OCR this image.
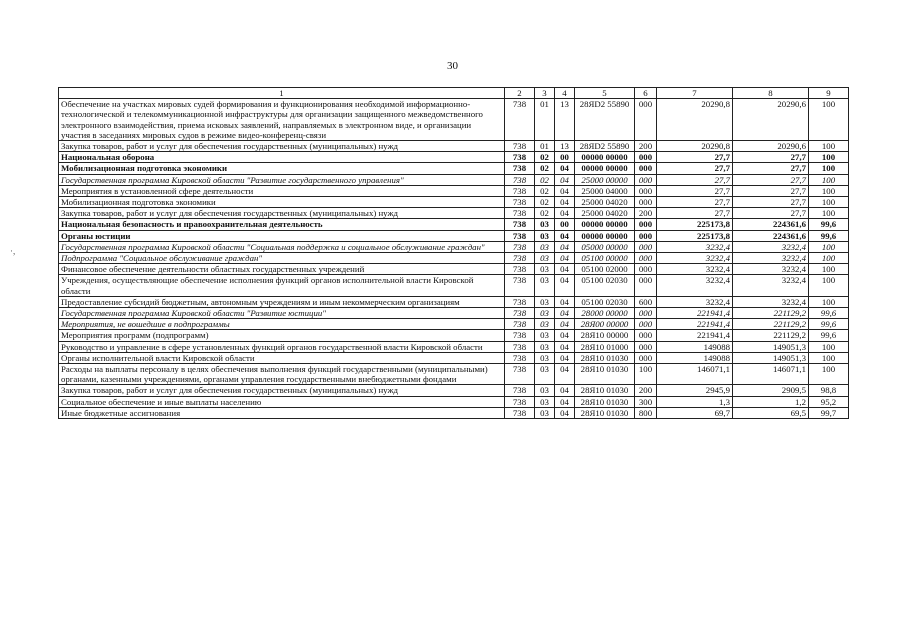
30
·,
1	2	3	4	5	6	7	8	9
Обеспечение на участках мировых судей формирования и функционирования необходимой информационно-технологической и телекоммуникационной инфраструктуры для организации защищенного межведомственного электронного взаимодействия, приема исковых заявлений, направляемых в электронном виде, и организации участия в заседаниях мировых судов в режиме видео-конференц-связи	738	01	13	28ЯD2 55890	000	20290,8	20290,6	100
Закупка товаров, работ и услуг для обеспечения государственных (муниципальных) нужд	738	01	13	28ЯD2 55890	200	20290,8	20290,6	100
Национальная оборона	738	02	00	00000 00000	000	27,7	27,7	100
Мобилизационная подготовка экономики	738	02	04	00000 00000	000	27,7	27,7	100
Государственная программа Кировской области "Развитие государственного управления"	738	02	04	25000 00000	000	27,7	27,7	100
Мероприятия в установленной сфере деятельности	738	02	04	25000 04000	000	27,7	27,7	100
Мобилизационная подготовка экономики	738	02	04	25000 04020	000	27,7	27,7	100
Закупка товаров, работ и услуг для обеспечения государственных (муниципальных) нужд	738	02	04	25000 04020	200	27,7	27,7	100
Национальная безопасность и правоохранительная деятельность	738	03	00	00000 00000	000	225173,8	224361,6	99,6
Органы юстиции	738	03	04	00000 00000	000	225173,8	224361,6	99,6
Государственная программа Кировской области "Социальная поддержка и социальное обслуживание граждан"	738	03	04	05000 00000	000	3232,4	3232,4	100
Подпрограмма "Социальное обслуживание граждан"	738	03	04	05100 00000	000	3232,4	3232,4	100
Финансовое обеспечение деятельности областных государственных учреждений	738	03	04	05100 02000	000	3232,4	3232,4	100
Учреждения, осуществляющие обеспечение исполнения функций органов исполнительной власти Кировской области	738	03	04	05100 02030	000	3232,4	3232,4	100
Предоставление субсидий бюджетным, автономным учреждениям и иным некоммерческим организациям	738	03	04	05100 02030	600	3232,4	3232,4	100
Государственная программа Кировской области "Развитие юстиции"	738	03	04	28000 00000	000	221941,4	221129,2	99,6
Мероприятия, не вошедшие в подпрограммы	738	03	04	28Я00 00000	000	221941,4	221129,2	99,6
Мероприятия программ (подпрограмм)	738	03	04	28Я10 00000	000	221941,4	221129,2	99,6
Руководство и управление в сфере установленных функций органов государственной власти Кировской области	738	03	04	28Я10 01000	000	149088	149051,3	100
Органы исполнительной власти Кировской области	738	03	04	28Я10 01030	000	149088	149051,3	100
Расходы на выплаты персоналу в целях обеспечения выполнения функций государственными (муниципальными) органами, казенными учреждениями, органами управления государственными внебюджетными фондами	738	03	04	28Я10 01030	100	146071,1	146071,1	100
Закупка товаров, работ и услуг для обеспечения государственных (муниципальных) нужд	738	03	04	28Я10 01030	200	2945,9	2909,5	98,8
Социальное обеспечение и иные выплаты населению	738	03	04	28Я10 01030	300	1,3	1,2	95,2
Иные бюджетные ассигнования	738	03	04	28Я10 01030	800	69,7	69,5	99,7
